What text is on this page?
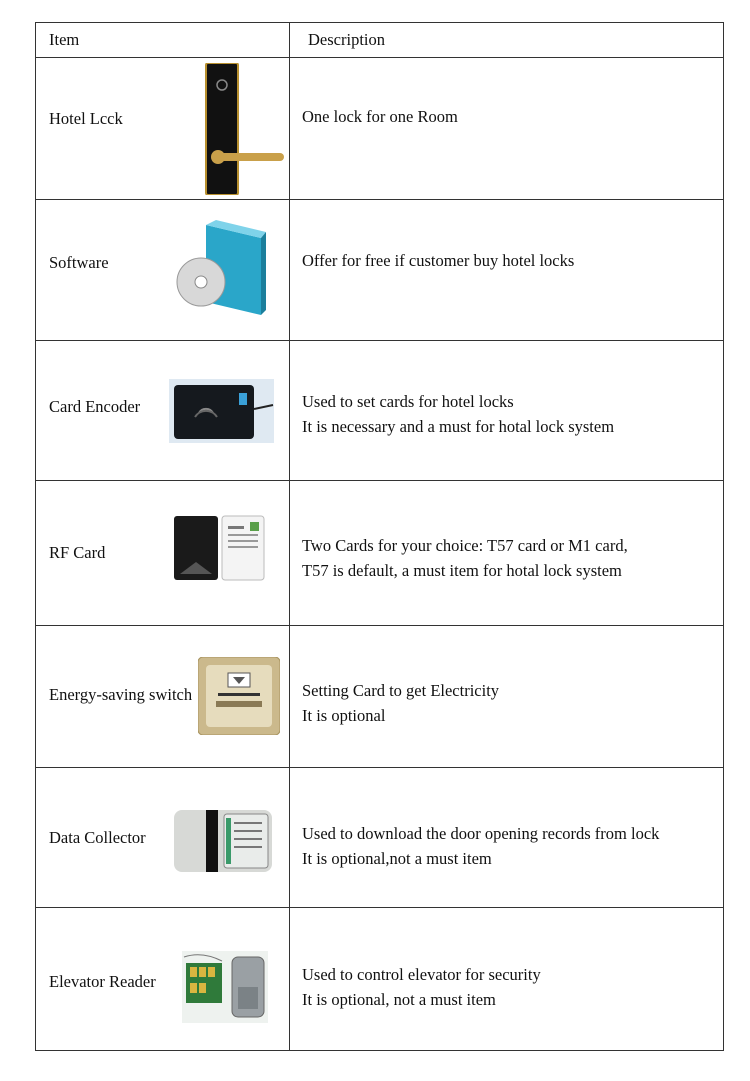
Item	Description
Hotel Lcck	One lock for one Room
Software	Offer for free if customer buy hotel locks
Card Encoder	Used to set cards for hotel locks
It is necessary and a must for hotal lock system
RF Card	Two Cards for your choice: T57 card or M1 card,
T57 is default, a must item for hotal lock system
Energy-saving switch	Setting Card to get Electricity
It is optional
Data Collector	Used to download the door opening records from lock
It is optional,not a must item
Elevator Reader	Used to control elevator for security
It is optional, not a must item
